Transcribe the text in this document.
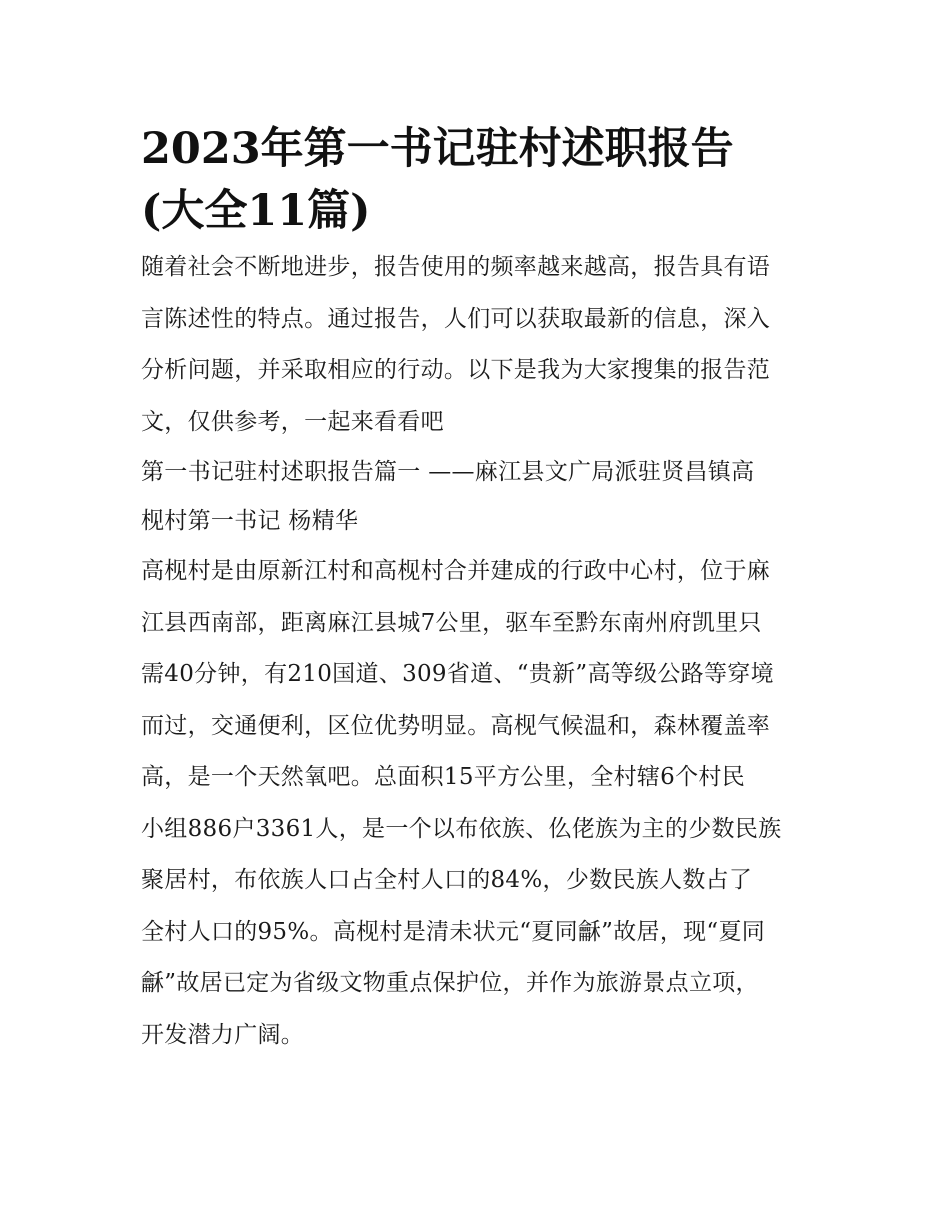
2023年第一书记驻村述职报告
(大全11篇)
随着社会不断地进步，报告使用的频率越来越高，报告具有语
言陈述性的特点。通过报告，人们可以获取最新的信息，深入
分析问题，并采取相应的行动。以下是我为大家搜集的报告范
文，仅供参考，一起来看看吧
第一书记驻村述职报告篇一 ——麻江县文广局派驻贤昌镇高
枧村第一书记 杨精华
高枧村是由原新江村和高枧村合并建成的行政中心村，位于麻
江县西南部，距离麻江县城7公里，驱车至黔东南州府凯里只
需40分钟，有210国道、309省道、“贵新”高等级公路等穿境
而过，交通便利，区位优势明显。高枧气候温和，森林覆盖率
高，是一个天然氧吧。总面积15平方公里，全村辖6个村民
小组886户3361人，是一个以布依族、仫佬族为主的少数民族
聚居村，布依族人口占全村人口的84%，少数民族人数占了
全村人口的95%。高枧村是清未状元“夏同龢”故居，现“夏同
龢”故居已定为省级文物重点保护位，并作为旅游景点立项，
开发潜力广阔。
